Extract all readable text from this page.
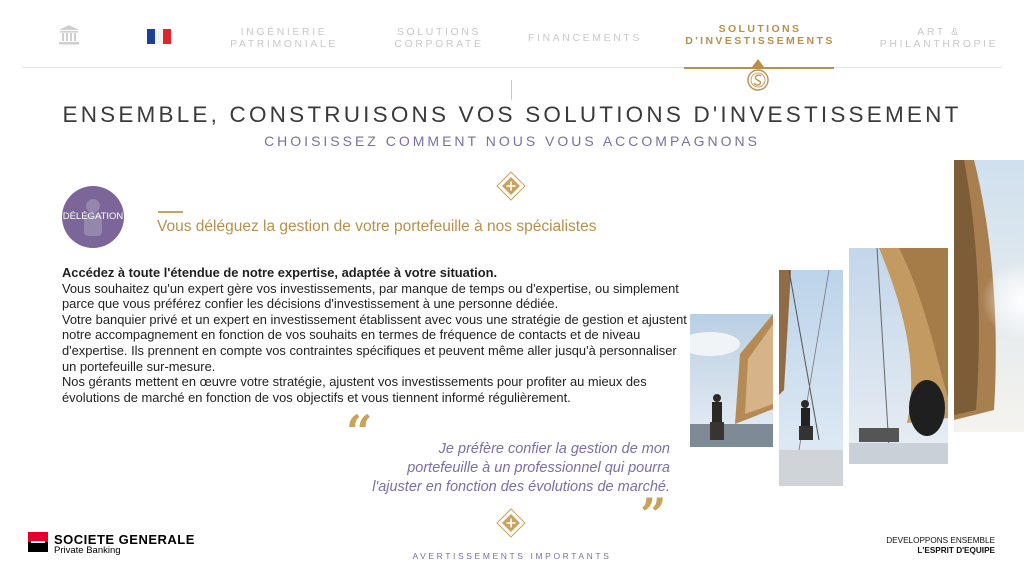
INGÉNIERIE
PATRIMONIALE
SOLUTIONS
CORPORATE	FINANCEMENTS
SOLUTIONS
D'INVESTISSEMENTS
ART &
PHILANTHROPIE
ENSEMBLE, CONSTRUISONS VOS SOLUTIONS D'INVESTISSEMENT
CHOISISSEZ COMMENT NOUS VOUS ACCOMPAGNONS
DÉLÉGATION
Vous déléguez la gestion de votre portefeuille à nos spécialistes
Accédez à toute l'étendue de notre expertise, adaptée à votre situation.
Vous souhaitez qu'un expert gère vos investissements, par manque de temps ou d'expertise, ou simplement parce que vous préférez confier les décisions d'investissement à une personne dédiée.
Votre banquier privé et un expert en investissement établissent avec vous une stratégie de gestion et ajustent notre accompagnement en fonction de vos souhaits en termes de fréquence de contacts et de niveau d'expertise. Ils prennent en compte vos contraintes spécifiques et peuvent même aller jusqu'à personnaliser un portefeuille sur-mesure.
Nos gérants mettent en œuvre votre stratégie, ajustent vos investissements pour profiter au mieux des évolutions de marché en fonction de vos objectifs et vous tiennent informé régulièrement.
“	Je préfère confier la gestion de mon
portefeuille à un professionnel qui pourra
l'ajuster en fonction des évolutions de marché.
”
AVERTISSEMENTS IMPORTANTS
SOCIETE GENERALE
Private Banking
DEVELOPPONS ENSEMBLE
L'ESPRIT D'EQUIPE
